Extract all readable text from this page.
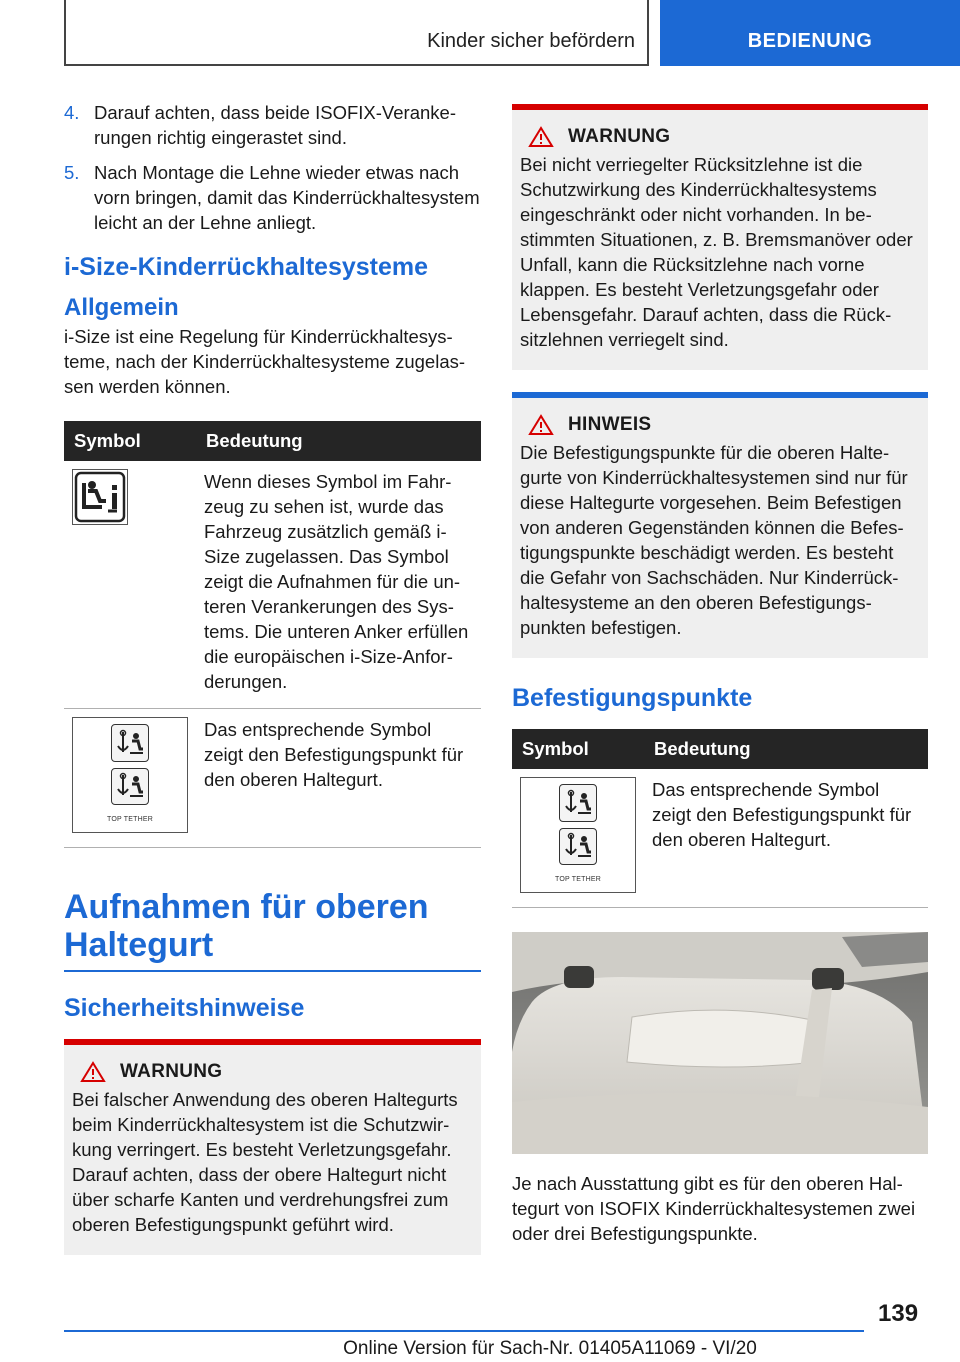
Kinder sicher befördern	BEDIENUNG
4. Darauf achten, dass beide ISOFIX-Verankerungen richtig eingerastet sind.
5. Nach Montage die Lehne wieder etwas nach vorn bringen, damit das Kinderrückhaltesystem leicht an der Lehne anliegt.
i-Size-Kinderrückhaltesysteme
Allgemein

i-Size ist eine Regelung für Kinderrückhaltesysteme, nach der Kinderrückhaltesysteme zugelassen werden können.

Symbol	Bedeutung

	Wenn dieses Symbol im Fahrzeug zu sehen ist, wurde das Fahrzeug zusätzlich gemäß i-Size zugelassen. Das Symbol zeigt die Aufnahmen für die unteren Verankerungen des Systems. Die unteren Anker erfüllen die europäischen i-Size-Anforderungen.

TOP TETHER	Das entsprechende Symbol zeigt den Befestigungspunkt für den oberen Haltegurt.
Aufnahmen für oberen Haltegurt
Sicherheitshinweise
WARNUNG

Bei falscher Anwendung des oberen Haltegurts beim Kinderrückhaltesystem ist die Schutzwirkung verringert. Es besteht Verletzungsgefahr. Darauf achten, dass der obere Haltegurt nicht über scharfe Kanten und verdrehungsfrei zum oberen Befestigungspunkt geführt wird.

WARNUNG

Bei nicht verriegelter Rücksitzlehne ist die Schutzwirkung des Kinderrückhaltesystems eingeschränkt oder nicht vorhanden. In bestimmten Situationen, z. B. Bremsmanöver oder Unfall, kann die Rücksitzlehne nach vorne klappen. Es besteht Verletzungsgefahr oder Lebensgefahr. Darauf achten, dass die Rücksitzlehnen verriegelt sind.

HINWEIS

Die Befestigungspunkte für die oberen Haltegurte von Kinderrückhaltesystemen sind nur für diese Haltegurte vorgesehen. Beim Befestigen von anderen Gegenständen können die Befestigungspunkte beschädigt werden. Es besteht die Gefahr von Sachschäden. Nur Kinderrückhaltesysteme an den oberen Befestigungspunkten befestigen.

Befestigungspunkte
Symbol	Bedeutung

TOP TETHER	Das entsprechende Symbol zeigt den Befestigungspunkt für den oberen Haltegurt.

Je nach Ausstattung gibt es für den oberen Haltegurt von ISOFIX Kinderrückhaltesystemen zwei oder drei Befestigungspunkte.

139
Online Version für Sach-Nr. 01405A11069 - VI/20
